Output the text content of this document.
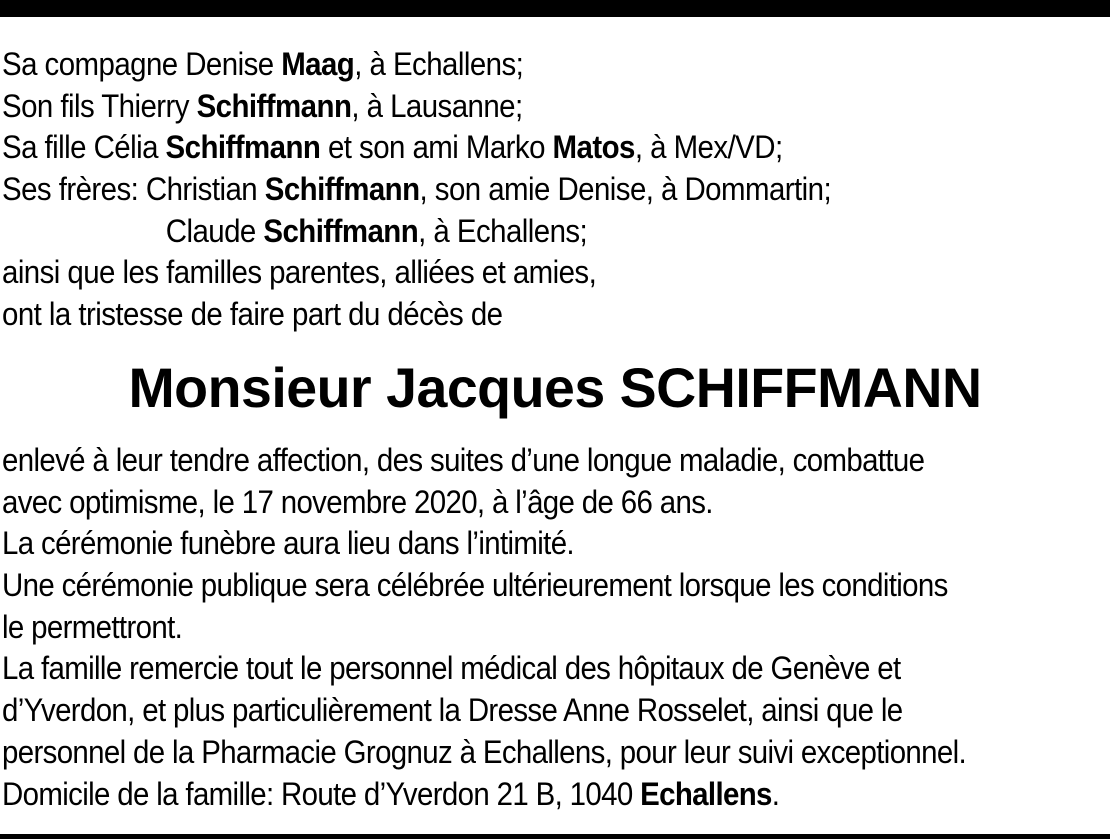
Sa compagne Denise Maag, à Echallens;
Son fils Thierry Schiffmann, à Lausanne;
Sa fille Célia Schiffmann et son ami Marko Matos, à Mex/VD;
Ses frères: Christian Schiffmann, son amie Denise, à Dommartin;
Claude Schiffmann, à Echallens;
ainsi que les familles parentes, alliées et amies,
ont la tristesse de faire part du décès de
Monsieur Jacques SCHIFFMANN
enlevé à leur tendre affection, des suites d’une longue maladie, combattue
avec optimisme, le 17 novembre 2020, à l’âge de 66 ans.
La cérémonie funèbre aura lieu dans l’intimité.
Une cérémonie publique sera célébrée ultérieurement lorsque les conditions
le permettront.
La famille remercie tout le personnel médical des hôpitaux de Genève et
d’Yverdon, et plus particulièrement la Dresse Anne Rosselet, ainsi que le
personnel de la Pharmacie Grognuz à Echallens, pour leur suivi exceptionnel.
Domicile de la famille: Route d’Yverdon 21 B, 1040 Echallens.
